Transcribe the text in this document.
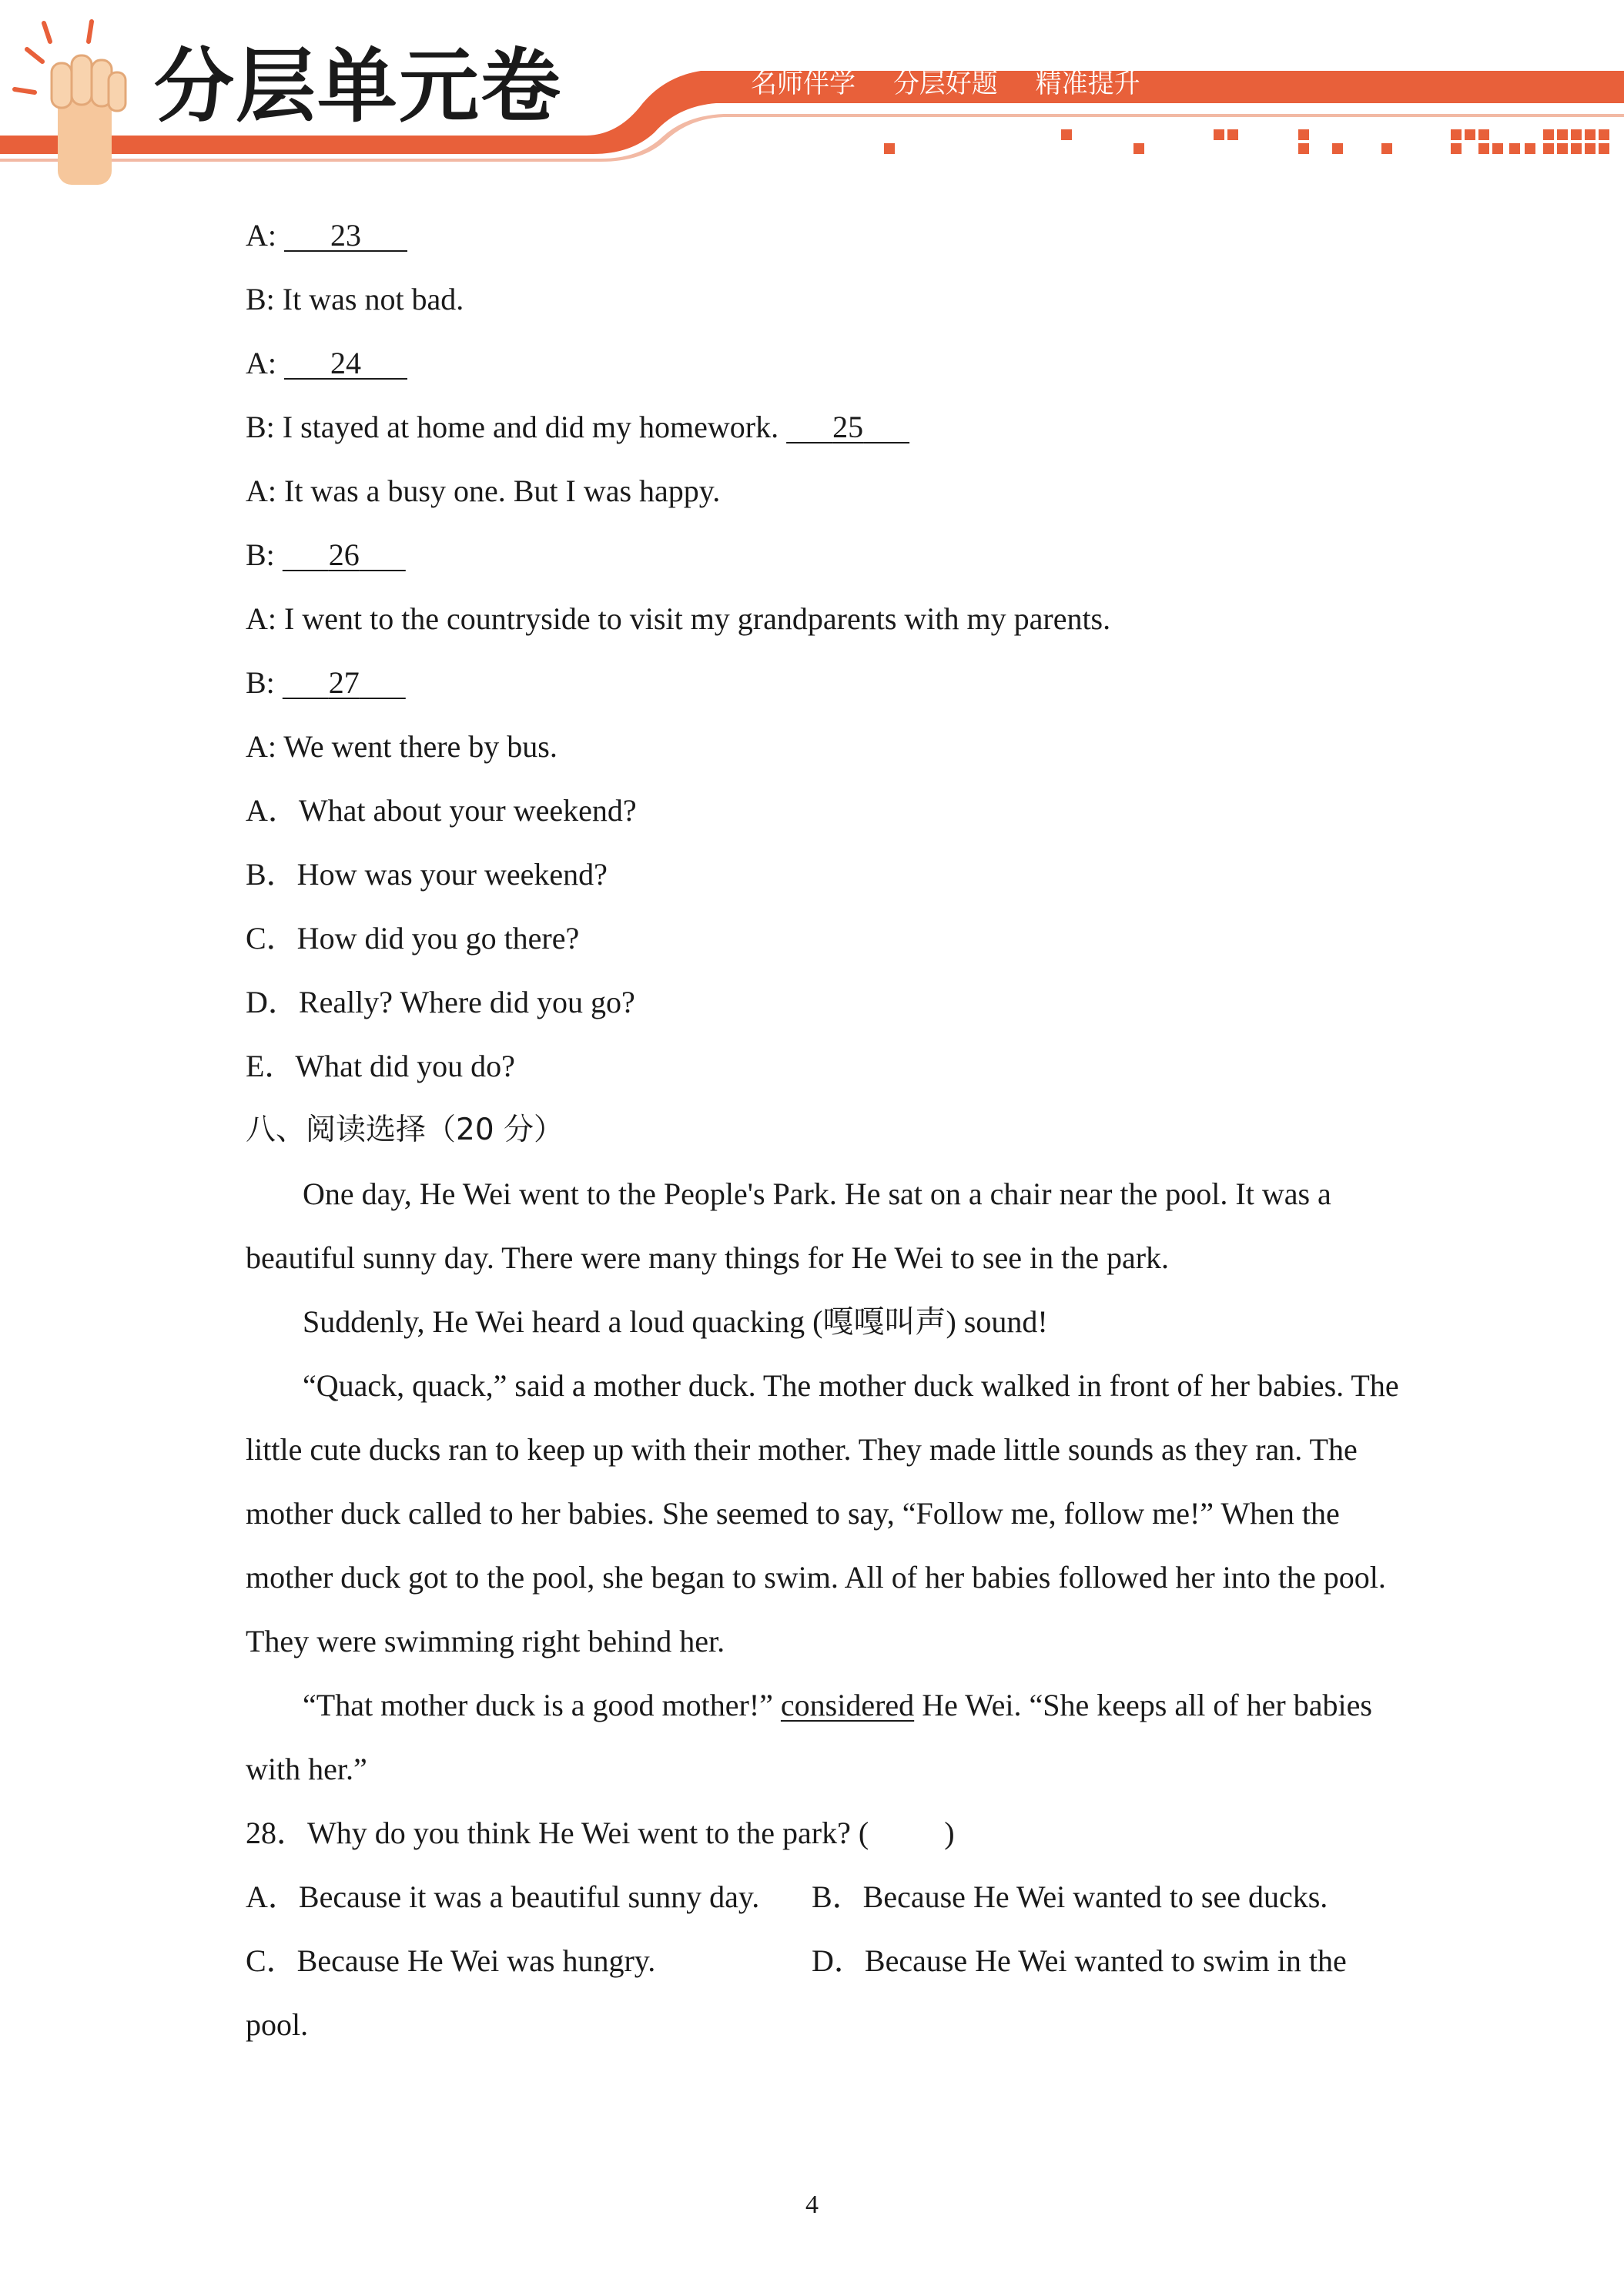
分层单元卷	名师伴学 分层好题 精准提升
A: 23
B: It was not bad.
A: 24
B: I stayed at home and did my homework. 25
A: It was a busy one. But I was happy.
B: 26
A: I went to the countryside to visit my grandparents with my parents.
B: 27
A: We went there by bus.
A．What about your weekend?
B．How was your weekend?
C．How did you go there?
D．Really? Where did you go?
E．What did you do?
八、阅读选择（20 分）
One day, He Wei went to the People's Park. He sat on a chair near the pool. It was a beautiful sunny day. There were many things for He Wei to see in the park.
Suddenly, He Wei heard a loud quacking (嘎嘎叫声) sound!
“Quack, quack,” said a mother duck. The mother duck walked in front of her babies. The little cute ducks ran to keep up with their mother. They made little sounds as they ran. The mother duck called to her babies. She seemed to say, “Follow me, follow me!” When the mother duck got to the pool, she began to swim. All of her babies followed her into the pool. They were swimming right behind her.
“That mother duck is a good mother!” considered He Wei. “She keeps all of her babies with her.”
28．Why do you think He Wei went to the park? ( )
A．Because it was a beautiful sunny day.	B．Because He Wei wanted to see ducks.
C．Because He Wei was hungry.	D．Because He Wei wanted to swim in the
pool.
4
